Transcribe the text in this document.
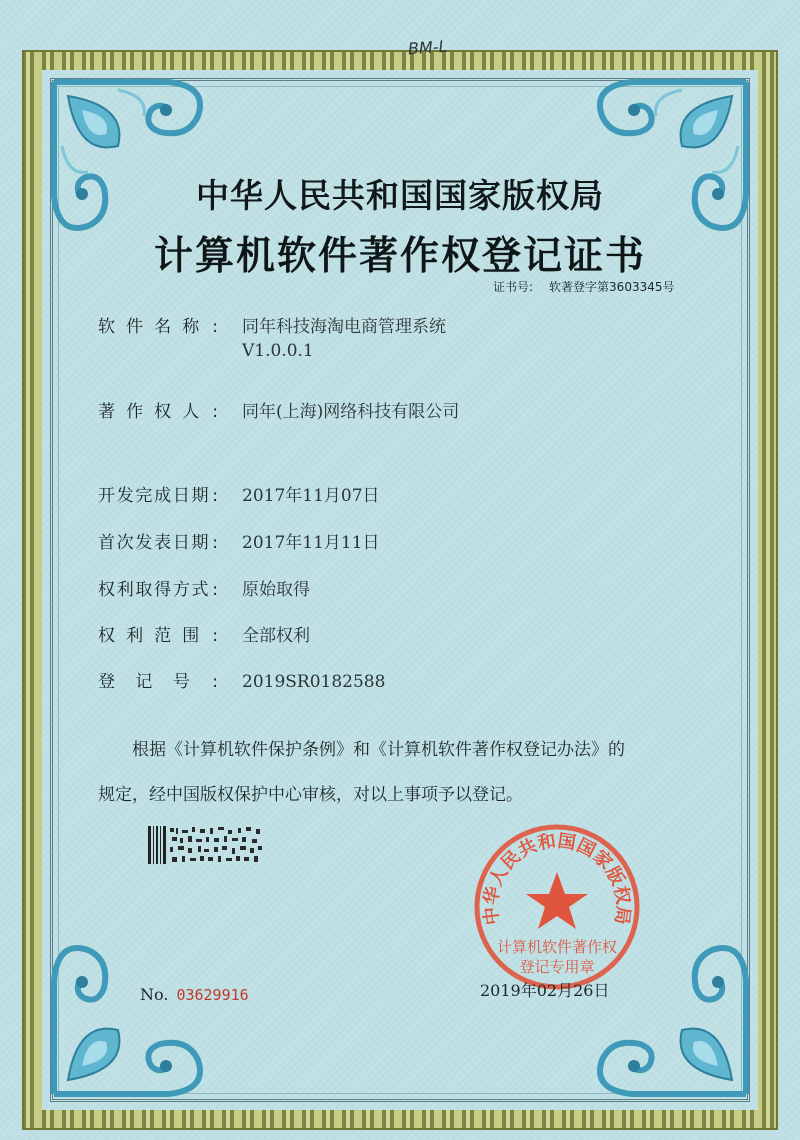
BM-L
中华人民共和国国家版权局
计算机软件著作权登记证书
证书号: 软著登字第3603345号
软 件 名 称 : 同年科技海淘电商管理系统
V1.0.0.1
著 作 权 人 : 同年(上海)网络科技有限公司
开 发 完 成 日 期 : 2017年11月07日
首 次 发 表 日 期 : 2017年11月11日
权 利 取 得 方 式 : 原始取得
权 利 范 围 : 全部权利
登 记 号 : 2019SR0182588
根据《计算机软件保护条例》和《计算机软件著作权登记办法》的
规定，经中国版权保护中心审核，对以上事项予以登记。
中华人民共和国国家版权局
计算机软件著作权
登记专用章
No. 03629916	2019年02月26日
